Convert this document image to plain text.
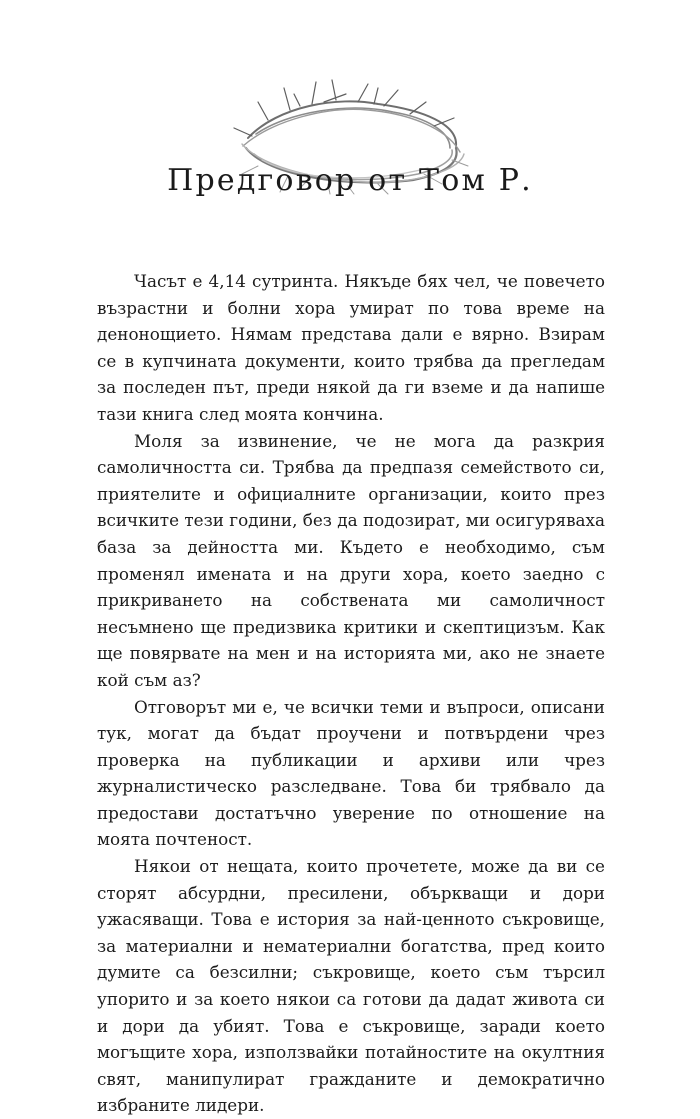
Предговор от Том Р.

Часът е 4,14 сутринта. Някъде бях чел, че повечето възрастни и болни хора умират по това време на денонощието. Нямам представа дали е вярно. Взирам се в купчината документи, които трябва да прегледам за последен път, преди някой да ги вземе и да напише тази книга след моята кончина.

Моля за извинение, че не мога да разкрия самоличността си. Трябва да предпазя семейството си, приятелите и официалните организации, които през всичките тези години, без да подозират, ми осигуряваха база за дейността ми. Където е необходимо, съм променял имената и на други хора, което заедно с прикриването на собствената ми самоличност несъмнено ще предизвика критики и скептицизъм. Как ще повярвате на мен и на историята ми, ако не знаете кой съм аз?

Отговорът ми е, че всички теми и въпроси, описани тук, могат да бъдат проучени и потвърдени чрез проверка на публикации и архиви или чрез журналистическо разследване. Това би трябвало да предостави достатъчно уверение по отношение на моята почтеност.

Някои от нещата, които прочетете, може да ви се сторят абсурдни, пресилени, объркващи и дори ужасяващи. Това е история за най-ценното съкровище, за материални и нематериални богатства, пред които думите са безсилни; съкровище, което съм търсил упорито и за което някои са готови да дадат живота си и дори да убият. Това е съкровище, заради което могъщите хора, използвайки потайностите на окултния свят, манипулират гражданите и демократично избраните лидери.
